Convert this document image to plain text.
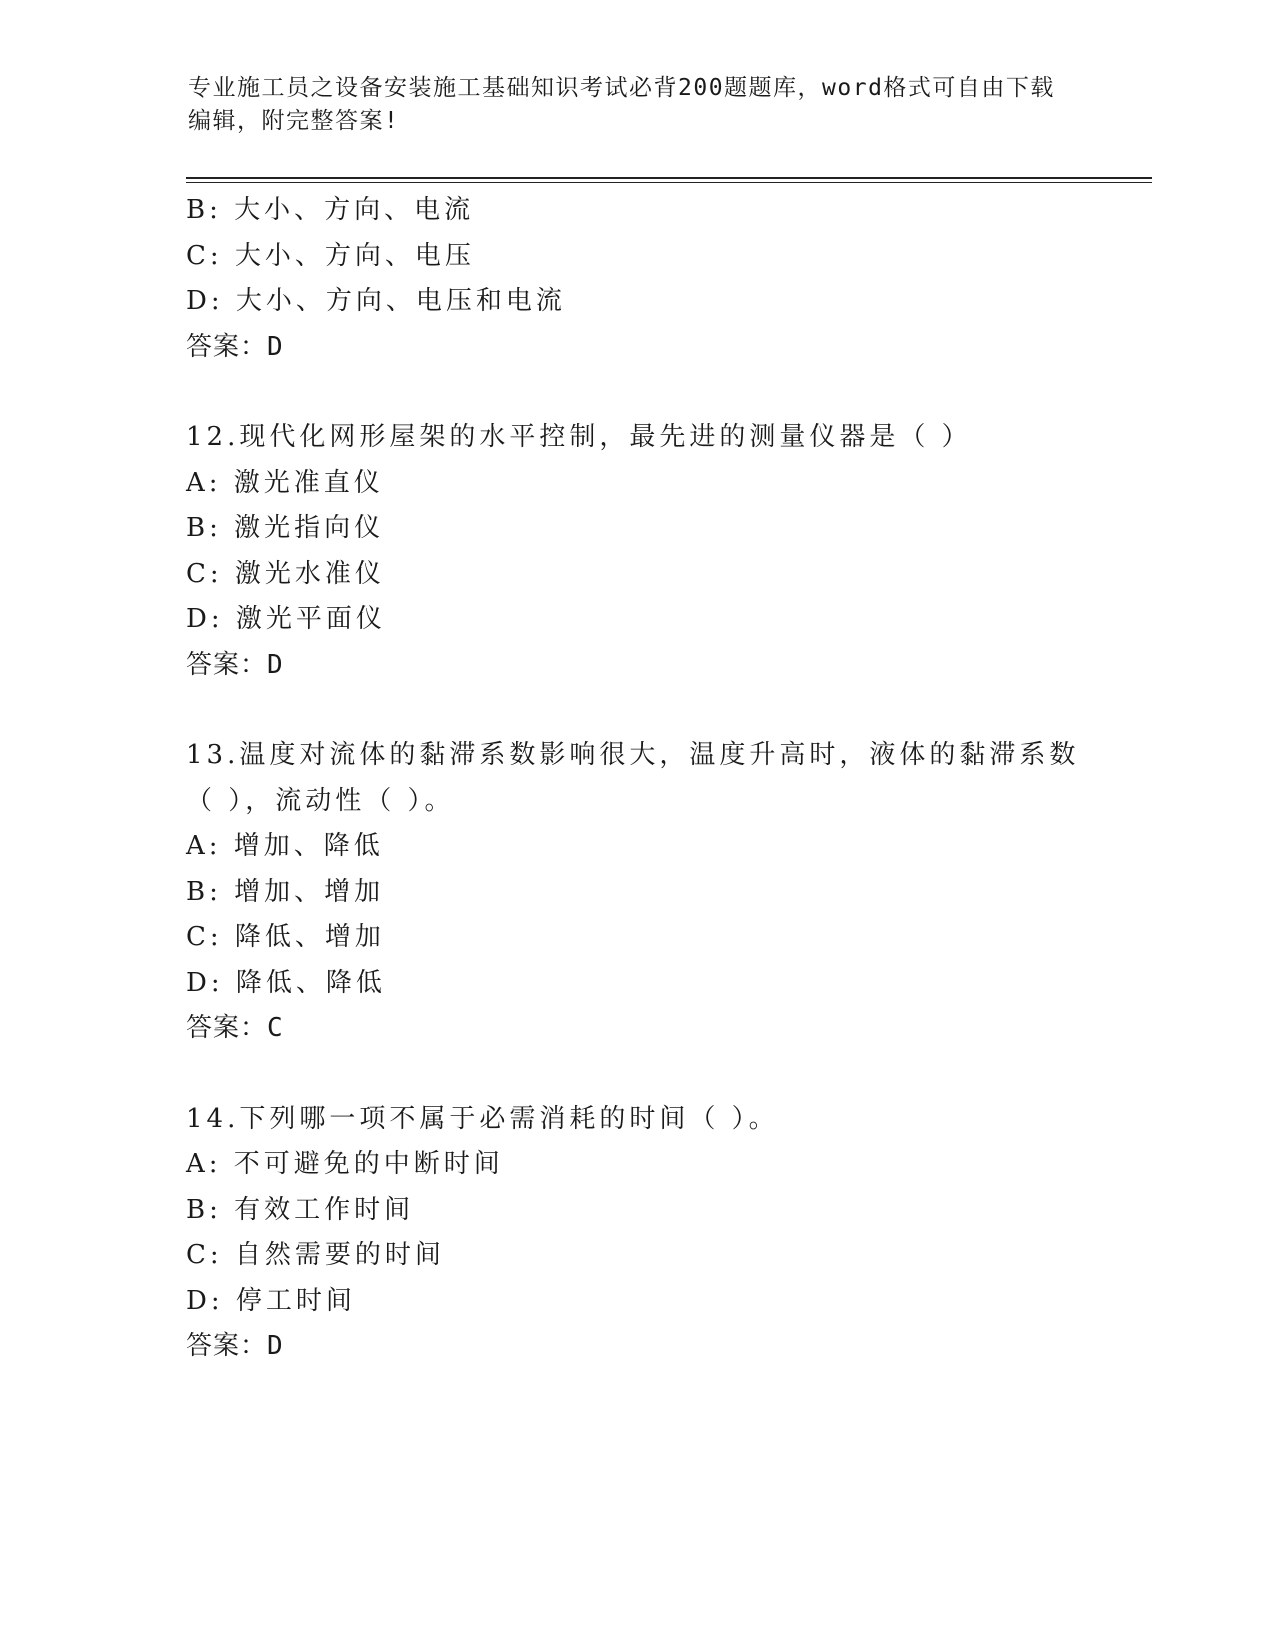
专业施工员之设备安装施工基础知识考试必背200题题库，word格式可自由下载编辑，附完整答案!
B: 大小、方向、电流
C: 大小、方向、电压
D: 大小、方向、电压和电流
答案：D
12.现代化网形屋架的水平控制，最先进的测量仪器是（ ）
A: 激光准直仪
B: 激光指向仪
C: 激光水准仪
D: 激光平面仪
答案：D
13.温度对流体的黏滞系数影响很大，温度升高时，液体的黏滞系数（ ），流动性（ ）。
A: 增加、降低
B: 增加、增加
C: 降低、增加
D: 降低、降低
答案：C
14.下列哪一项不属于必需消耗的时间（ ）。
A: 不可避免的中断时间
B: 有效工作时间
C: 自然需要的时间
D: 停工时间
答案：D
